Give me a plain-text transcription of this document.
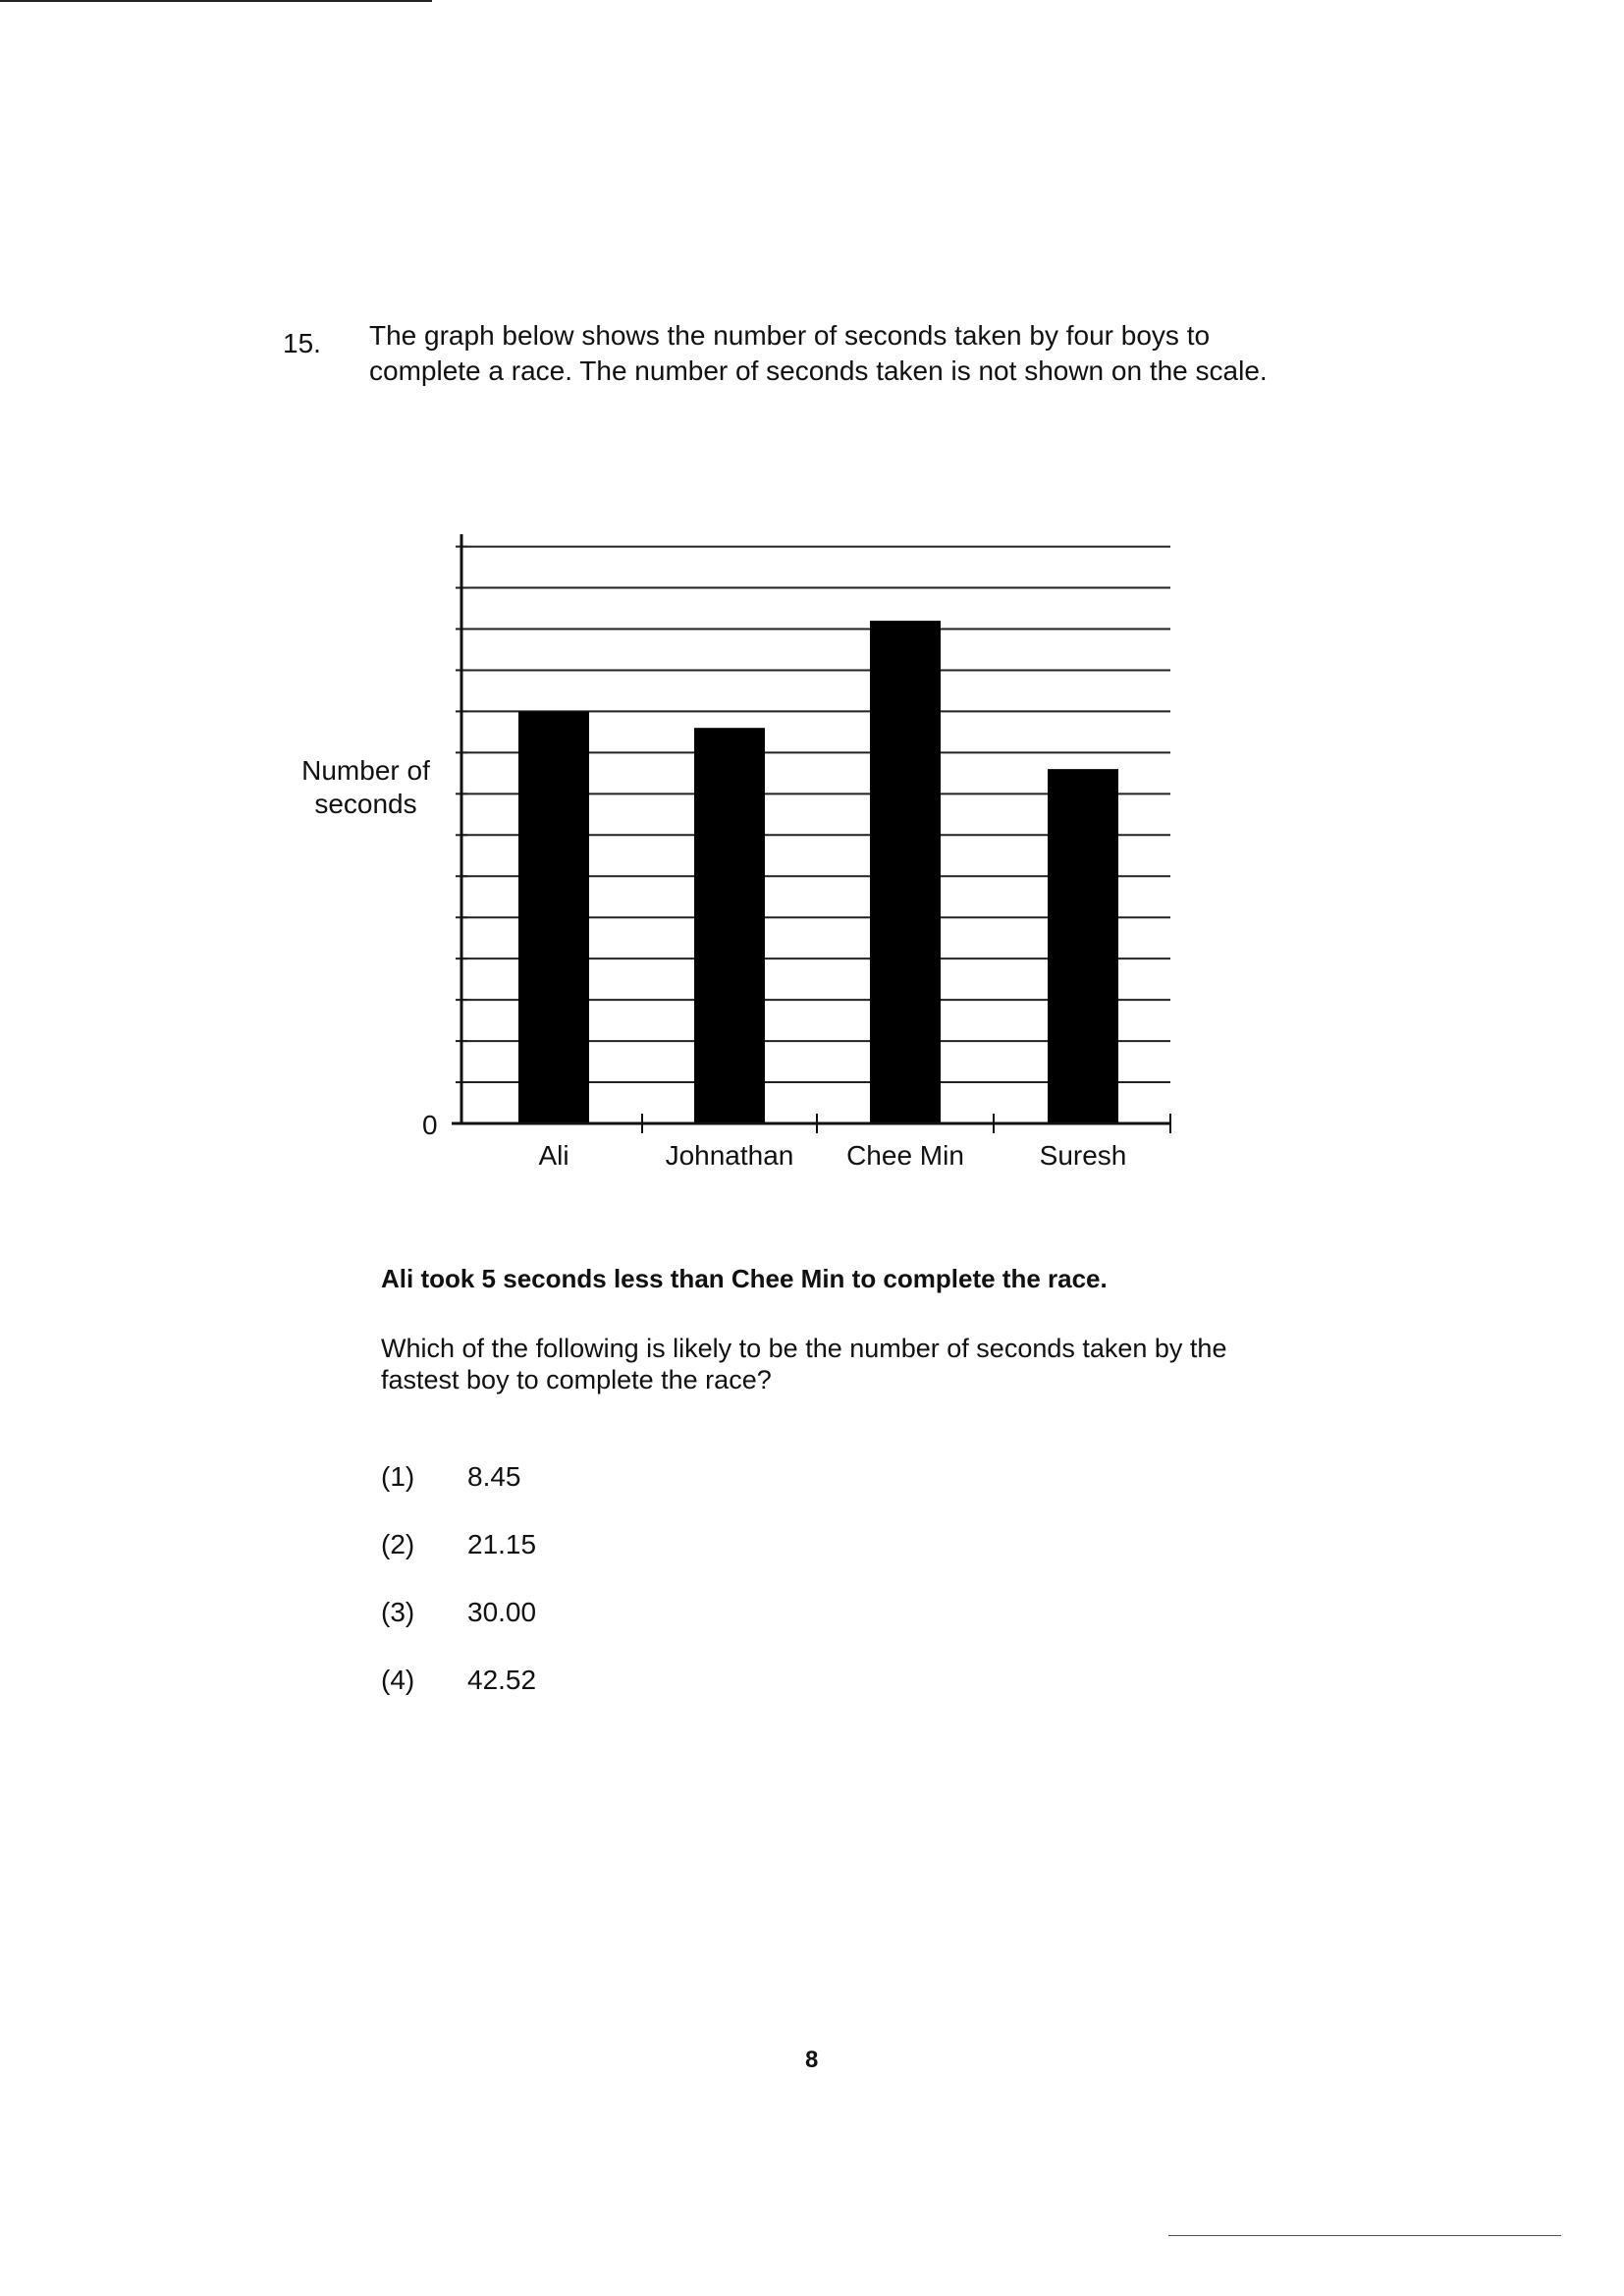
15. The graph below shows the number of seconds taken by four boys to complete a race. The number of seconds taken is not shown on the scale.
Number of seconds
0
Ali	Johnathan	Chee Min	Suresh
Ali took 5 seconds less than Chee Min to complete the race.
Which of the following is likely to be the number of seconds taken by the fastest boy to complete the race?
(1) 8.45
(2) 21.15
(3) 30.00
(4) 42.52
8
